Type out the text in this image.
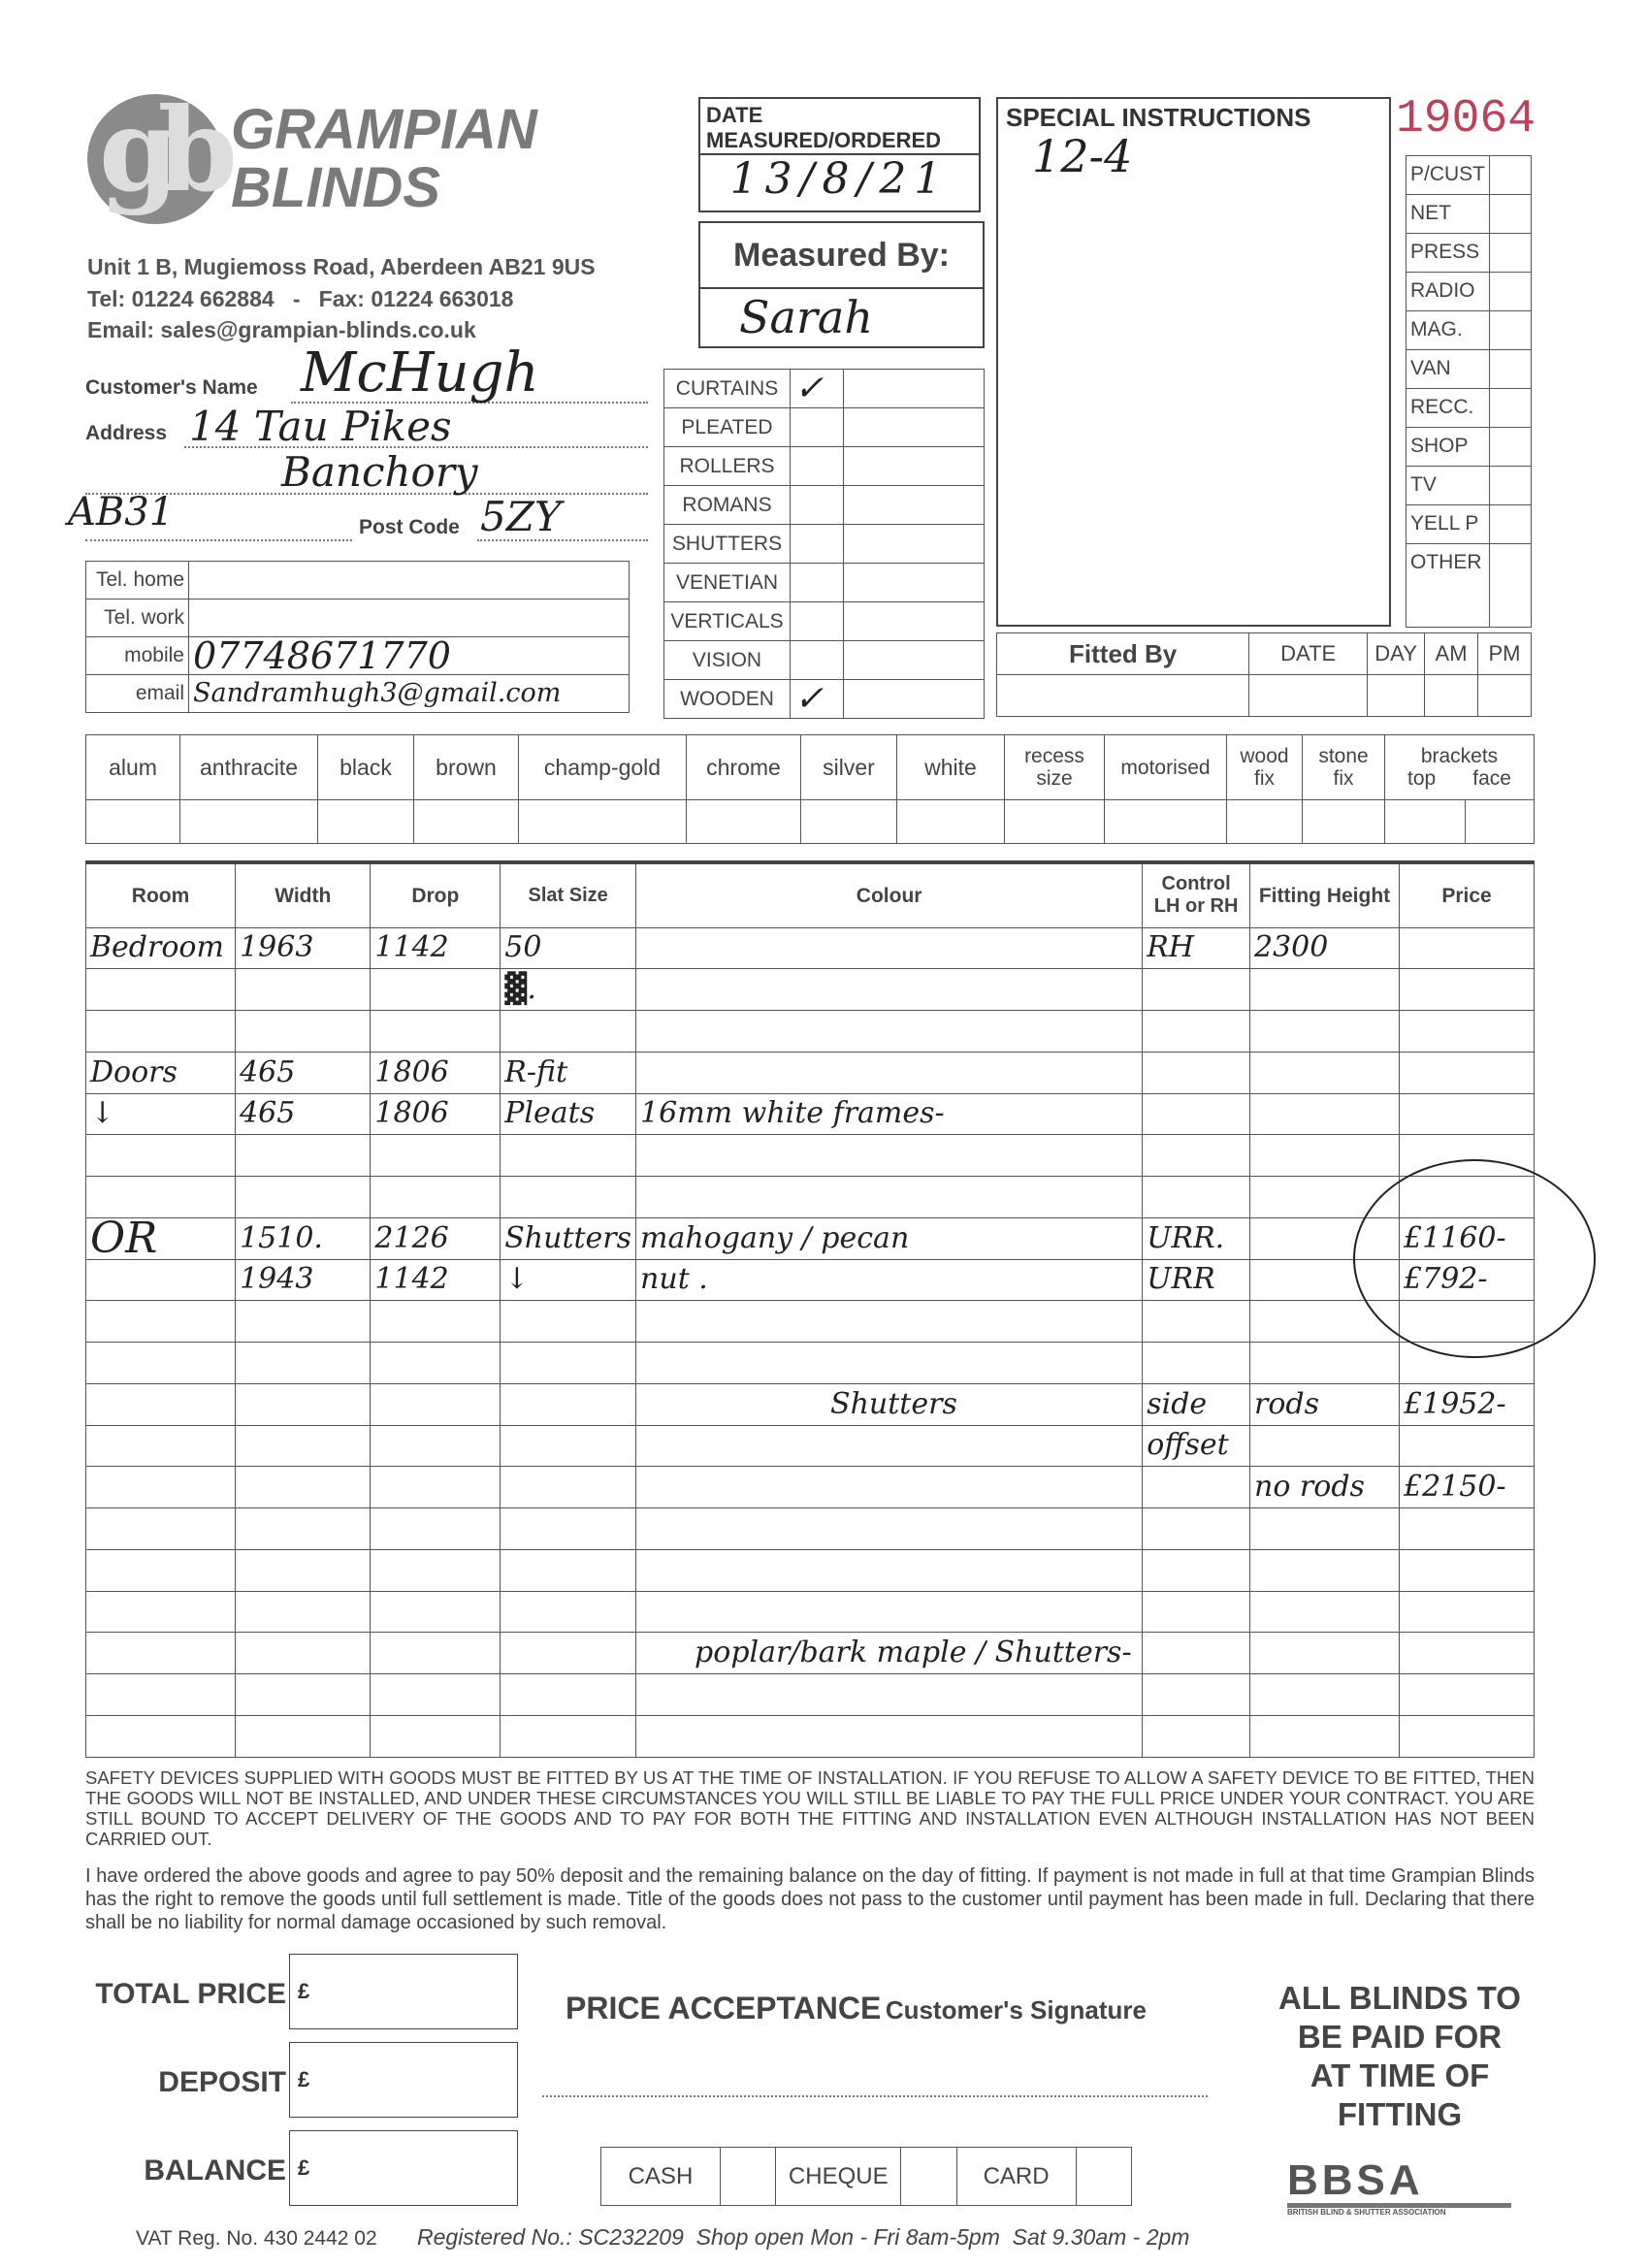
gb GRAMPIAN
BLINDS
Unit 1 B, Mugiemoss Road, Aberdeen AB21 9US
Tel: 01224 662884   -   Fax: 01224 663018
Email: sales@grampian-blinds.co.uk
Customer's Name McHugh
Address 14 Tau Pikes
Banchory
AB31	Post Code 5ZY
Tel. home	
Tel. work	
mobile	07748671770
email	Sandramhugh3@gmail.com
DATE
MEASURED/ORDERED
13/8/21
Measured By:
Sarah
CURTAINS	✓	
PLEATED		
ROLLERS		
ROMANS		
SHUTTERS		
VENETIAN		
VERTICALS		
VISION		
WOODEN	✓	
SPECIAL INSTRUCTIONS
12-4
19064
P/CUST	
NET	
PRESS	
RADIO	
MAG.	
VAN	
RECC.	
SHOP	
TV	
YELL P	
OTHER	
Fitted By	DATE	DAY	AM	PM

alum	anthracite	black	brown	champ-gold	chrome	silver	white	recess size	motorised	wood fix	stone fix	brackets
top face	

Room	Width	Drop	Slat Size	Colour	Control LH or RH	Fitting Height	Price
Bedroom	1963	1142	50		RH	2300	
			▓.				

Doors	465	1806	R-fit				
↓	465	1806	Pleats	16mm white frames-			

OR	1510.	2126	Shutters	mahogany / pecan	URR.		£1160-
	1943	1142	↓	nut .	URR		£792-

				Shutters	side	rods	£1952-
					offset		
						no rods	£2150-

				poplar/bark maple / Shutters-			

SAFETY DEVICES SUPPLIED WITH GOODS MUST BE FITTED BY US AT THE TIME OF INSTALLATION. IF YOU REFUSE TO ALLOW A SAFETY DEVICE TO BE FITTED, THEN THE GOODS WILL NOT BE INSTALLED, AND UNDER THESE CIRCUMSTANCES YOU WILL STILL BE LIABLE TO PAY THE FULL PRICE UNDER YOUR CONTRACT. YOU ARE STILL BOUND TO ACCEPT DELIVERY OF THE GOODS AND TO PAY FOR BOTH THE FITTING AND INSTALLATION EVEN ALTHOUGH INSTALLATION HAS NOT BEEN CARRIED OUT.
I have ordered the above goods and agree to pay 50% deposit and the remaining balance on the day of fitting. If payment is not made in full at that time Grampian Blinds has the right to remove the goods until full settlement is made. Title of the goods does not pass to the customer until payment has been made in full. Declaring that there shall be no liability for normal damage occasioned by such removal.
TOTAL PRICE £
DEPOSIT £
BALANCE £
PRICE ACCEPTANCE Customer's Signature
CASH		CHEQUE		CARD	
ALL BLINDS TO
BE PAID FOR
AT TIME OF
FITTING
BBSA
BRITISH BLIND & SHUTTER ASSOCIATION
VAT Reg. No. 430 2442 02 Registered No.: SC232209  Shop open Mon - Fri 8am-5pm  Sat 9.30am - 2pm
